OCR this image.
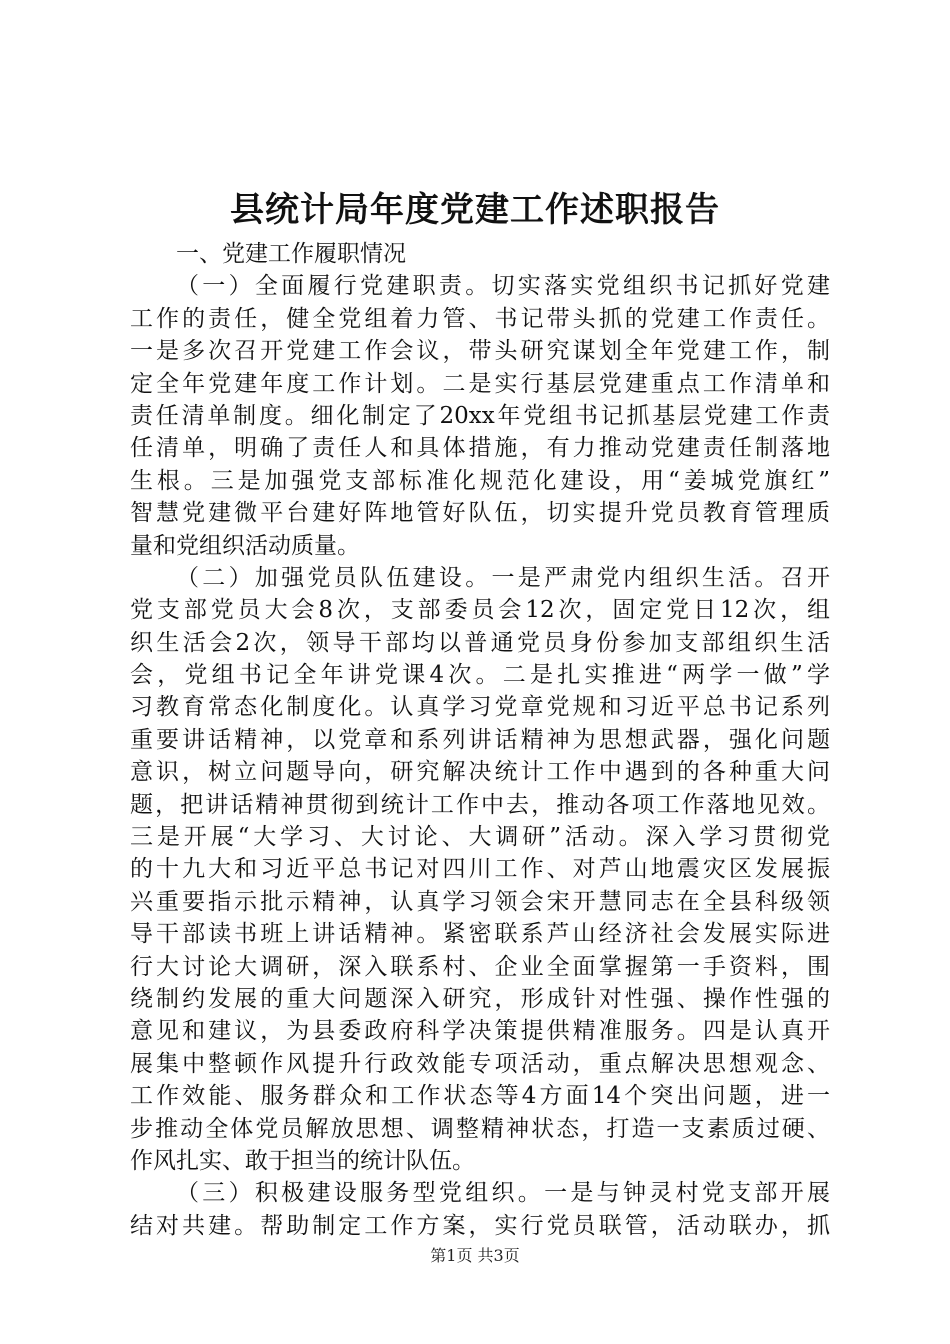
县统计局年度党建工作述职报告
一、党建工作履职情况
（一）全面履行党建职责。切实落实党组织书记抓好党建
工作的责任，健全党组着力管、书记带头抓的党建工作责任。
一是多次召开党建工作会议，带头研究谋划全年党建工作，制
定全年党建年度工作计划。二是实行基层党建重点工作清单和
责任清单制度。细化制定了20xx年党组书记抓基层党建工作责
任清单，明确了责任人和具体措施，有力推动党建责任制落地
生根。三是加强党支部标准化规范化建设，用“姜城党旗红”
智慧党建微平台建好阵地管好队伍，切实提升党员教育管理质
量和党组织活动质量。
（二）加强党员队伍建设。一是严肃党内组织生活。召开
党支部党员大会8次，支部委员会12次，固定党日12次，组
织生活会2次，领导干部均以普通党员身份参加支部组织生活
会，党组书记全年讲党课4次。二是扎实推进“两学一做”学
习教育常态化制度化。认真学习党章党规和习近平总书记系列
重要讲话精神，以党章和系列讲话精神为思想武器，强化问题
意识，树立问题导向，研究解决统计工作中遇到的各种重大问
题，把讲话精神贯彻到统计工作中去，推动各项工作落地见效。
三是开展“大学习、大讨论、大调研”活动。深入学习贯彻党
的十九大和习近平总书记对四川工作、对芦山地震灾区发展振
兴重要指示批示精神，认真学习领会宋开慧同志在全县科级领
导干部读书班上讲话精神。紧密联系芦山经济社会发展实际进
行大讨论大调研，深入联系村、企业全面掌握第一手资料，围
绕制约发展的重大问题深入研究，形成针对性强、操作性强的
意见和建议，为县委政府科学决策提供精准服务。四是认真开
展集中整顿作风提升行政效能专项活动，重点解决思想观念、
工作效能、服务群众和工作状态等4方面14个突出问题，进一
步推动全体党员解放思想、调整精神状态，打造一支素质过硬、
作风扎实、敢于担当的统计队伍。
（三）积极建设服务型党组织。一是与钟灵村党支部开展
结对共建。帮助制定工作方案，实行党员联管，活动联办，抓
第1页 共3页
